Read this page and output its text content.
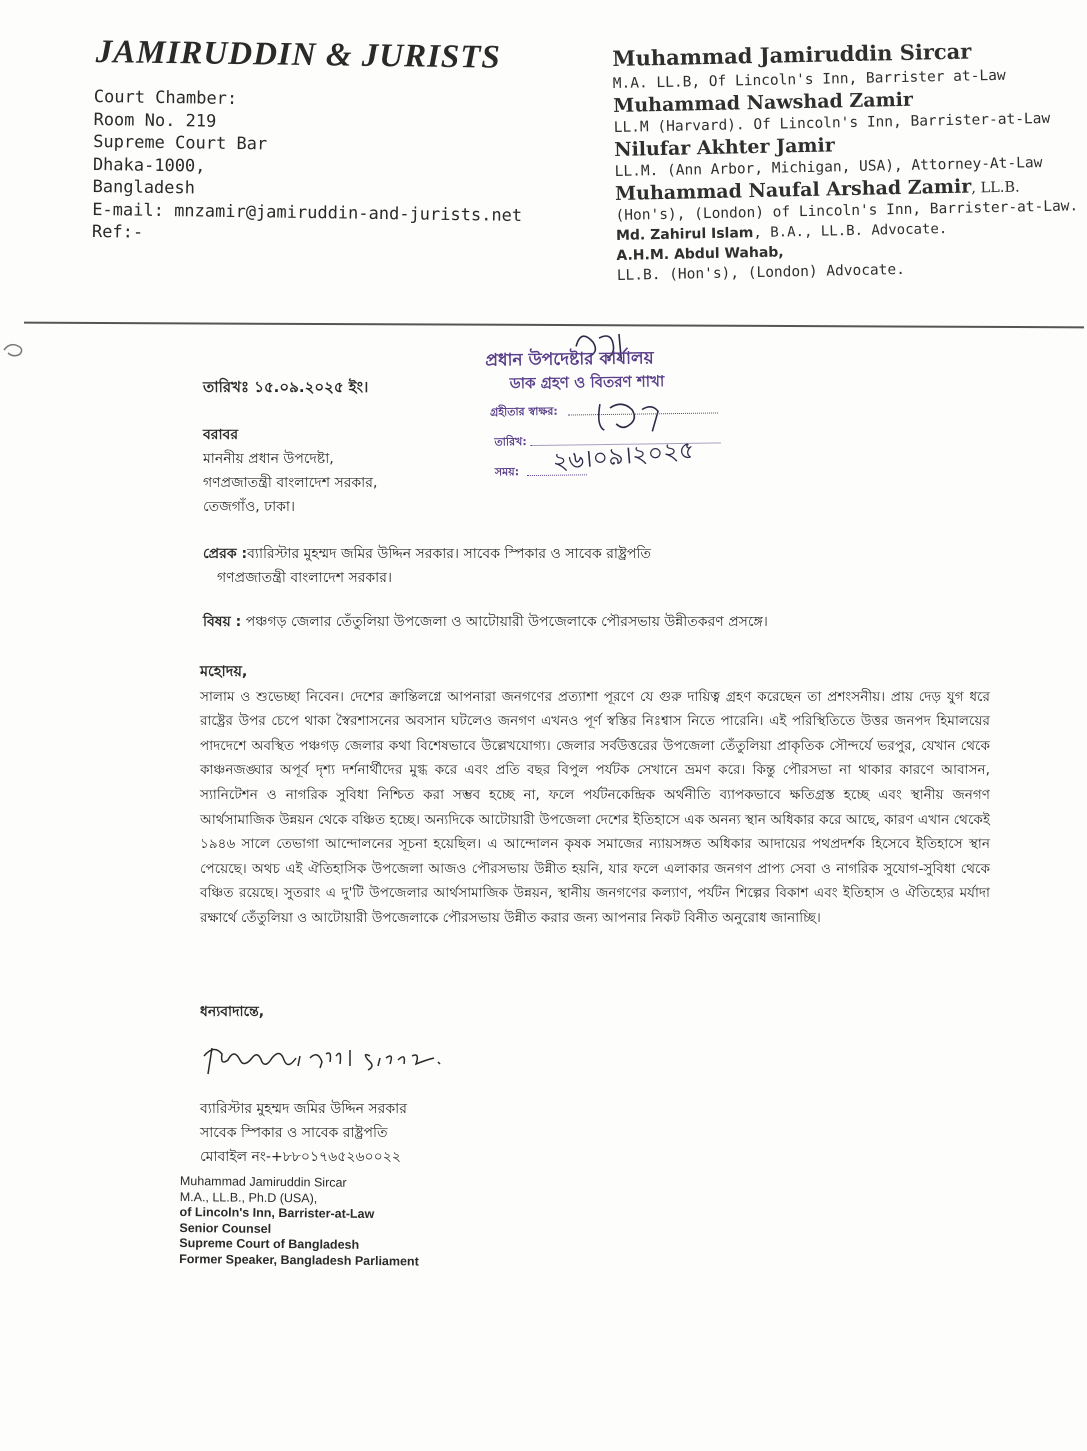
JAMIRUDDIN & JURISTS
Court Chamber:
Room No. 219
Supreme Court Bar
Dhaka-1000,
Bangladesh
E-mail: mnzamir@jamiruddin-and-jurists.net
Ref:-
Muhammad Jamiruddin Sircar
M.A. LL.B, Of Lincoln's Inn, Barrister at-Law
Muhammad Nawshad Zamir
LL.M (Harvard). Of Lincoln's Inn, Barrister-at-Law
Nilufar Akhter Jamir
LL.M. (Ann Arbor, Michigan, USA), Attorney-At-Law
Muhammad Naufal Arshad Zamir, LL.B.
(Hon's), (London) of Lincoln's Inn, Barrister-at-Law.
Md. Zahirul Islam, B.A., LL.B. Advocate.
A.H.M. Abdul Wahab,
LL.B. (Hon's), (London) Advocate.
প্রধান উপদেষ্টার কার্যালয়
ডাক গ্রহণ ও বিতরণ শাখা
গ্রহীতার স্বাক্ষর:
তারিখ:
সময়: ২৬।০৯।২০২৫
তারিখঃ ১৫.০৯.২০২৫ ইং।
বরাবর
মাননীয় প্রধান উপদেষ্টা,
গণপ্রজাতন্ত্রী বাংলাদেশ সরকার,
তেজগাঁও, ঢাকা।
প্রেরক :ব্যারিস্টার মুহম্মদ জমির উদ্দিন সরকার। সাবেক স্পিকার ও সাবেক রাষ্ট্রপতি
গণপ্রজাতন্ত্রী বাংলাদেশ সরকার।
বিষয় : পঞ্চগড় জেলার তেঁতুলিয়া উপজেলা ও আটোয়ারী উপজেলাকে পৌরসভায় উন্নীতকরণ প্রসঙ্গে।
মহোদয়,
সালাম ও শুভেচ্ছা নিবেন। দেশের ক্রান্তিলগ্নে আপনারা জনগণের প্রত্যাশা পূরণে যে গুরু দায়িত্ব গ্রহণ করেছেন তা প্রশংসনীয়। প্রায় দেড় যুগ ধরে রাষ্ট্রের উপর চেপে থাকা স্বৈরশাসনের অবসান ঘটলেও জনগণ এখনও পূর্ণ স্বস্তির নিঃশ্বাস নিতে পারেনি। এই পরিস্থিতিতে উত্তর জনপদ হিমালয়ের পাদদেশে অবস্থিত পঞ্চগড় জেলার কথা বিশেষভাবে উল্লেখযোগ্য। জেলার সর্বউত্তরের উপজেলা তেঁতুলিয়া প্রাকৃতিক সৌন্দর্যে ভরপুর, যেখান থেকে কাঞ্চনজঙ্ঘার অপূর্ব দৃশ্য দর্শনার্থীদের মুগ্ধ করে এবং প্রতি বছর বিপুল পর্যটক সেখানে ভ্রমণ করে। কিন্তু পৌরসভা না থাকার কারণে আবাসন, স্যানিটেশন ও নাগরিক সুবিধা নিশ্চিত করা সম্ভব হচ্ছে না, ফলে পর্যটনকেন্দ্রিক অর্থনীতি ব্যাপকভাবে ক্ষতিগ্রস্ত হচ্ছে এবং স্থানীয় জনগণ আর্থসামাজিক উন্নয়ন থেকে বঞ্চিত হচ্ছে। অন্যদিকে আটোয়ারী উপজেলা দেশের ইতিহাসে এক অনন্য স্থান অধিকার করে আছে, কারণ এখান থেকেই ১৯৪৬ সালে তেভাগা আন্দোলনের সূচনা হয়েছিল। এ আন্দোলন কৃষক সমাজের ন্যায়সঙ্গত অধিকার আদায়ের পথপ্রদর্শক হিসেবে ইতিহাসে স্থান পেয়েছে। অথচ এই ঐতিহাসিক উপজেলা আজও পৌরসভায় উন্নীত হয়নি, যার ফলে এলাকার জনগণ প্রাপ্য সেবা ও নাগরিক সুযোগ-সুবিধা থেকে বঞ্চিত রয়েছে। সুতরাং এ দু'টি উপজেলার আর্থসামাজিক উন্নয়ন, স্থানীয় জনগণের কল্যাণ, পর্যটন শিল্পের বিকাশ এবং ইতিহাস ও ঐতিহ্যের মর্যাদা রক্ষার্থে তেঁতুলিয়া ও আটোয়ারী উপজেলাকে পৌরসভায় উন্নীত করার জন্য আপনার নিকট বিনীত অনুরোধ জানাচ্ছি।
ধন্যবাদান্তে,
ব্যারিস্টার মুহম্মদ জমির উদ্দিন সরকার
সাবেক স্পিকার ও সাবেক রাষ্ট্রপতি
মোবাইল নং-+৮৮০১৭৬৫২৬০০২২
Muhammad Jamiruddin Sircar
M.A., LL.B., Ph.D (USA),
of Lincoln's Inn, Barrister-at-Law
Senior Counsel
Supreme Court of Bangladesh
Former Speaker, Bangladesh Parliament
